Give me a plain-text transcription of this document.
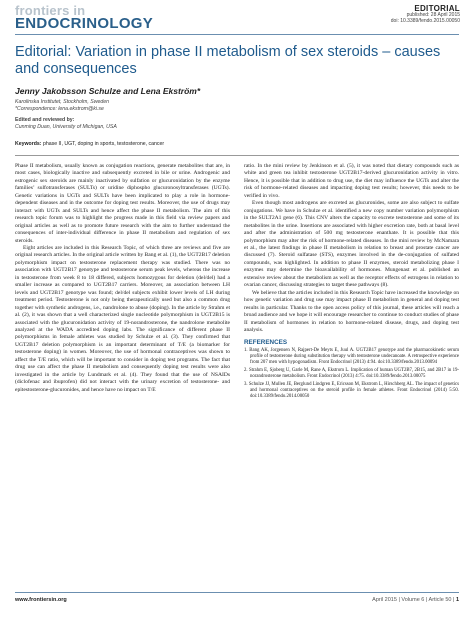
frontiers in
ENDOCRINOLOGY
EDITORIAL
published: 28 April 2015
doi: 10.3389/fendo.2015.00050
Editorial: Variation in phase II metabolism of sex steroids – causes and consequences
Jenny Jakobsson Schulze and Lena Ekström*
Karolinska Institutet, Stockholm, Sweden
*Correspondence: lena.ekstrom@ki.se
Edited and reviewed by:
Cunming Duan, University of Michigan, USA
Keywords: phase II, UGT, doping in sports, testosterone, cancer

Phase II metabolism, usually known as conjugation reactions, generate metabolites that are, in most cases, biologically inactive and subsequently excreted in bile or urine. Androgenic and estrogenic sex steroids are mainly inactivated by sulfation or glucuronidation by the enzyme families’ sulfotransferases (SULTs) or uridine diphospho glucuronosyltransferases (UGTs). Genetic variations in UGTs and SULTs have been implicated to play a role in hormone-dependent diseases and in the outcome for doping test results. Moreover, the use of drugs may interact with UGTs and SULTs and hence affect the phase II metabolism. The aim of this research topic forum was to highlight the progress made in this field via review papers and original articles as well as to promote future research with the aim to further understand the consequences of inter-individual difference in phase II metabolism and regulation of sex steroids.

Eight articles are included in this Research Topic, of which three are reviews and five are original research articles. In the original article written by Bang et al. (1), the UGT2B17 deletion polymorphism impact on testosterone replacement therapy was studied. There was no association with UGT2B17 genotype and testosterone serum peak levels, whereas the increase in testosterone from week 8 to 18 differed, subjects homozygous for deletion (del/del) had a smaller increase as compared to UGT2B17 carriers. Moreover, an association between LH levels and UGT2B17 genotype was found; del/del subjects exhibit lower levels of LH during treatment period. Testosterone is not only being therapeutically used but also a common drug together with synthetic androgens, i.e., nandrolone to abuse (doping). In the article by Strahm et al. (2), it was shown that a well characterized single nucleotide polymorphism in UGT2B15 is associated with the glucuronidation activity of 19-norandrosterone, the nandrolone metabolite analyzed at the WADA accredited doping labs. The significance of different phase II polymorphisms in female athletes was studied by Schulze et al. (3). They confirmed that UGT2B17 deletion polymorphism is an important determinant of T/E (a biomarker for testosterone doping) in women. Moreover, the use of hormonal contraceptives was shown to affect the T/E ratio, which will be important to consider in doping test programs. The fact that drug use can affect the phase II metabolism and consequently doping test results were also investigated in the article by Lundmark et al. (4). They found that the use of NSAIDs (diclofenac and ibuprofen) did not interact with the urinary excretion of testosterone- and epitestosterone-glucuronides, and hence have no impact on T/E

ratio. In the mini review by Jenkinson et al. (5), it was noted that dietary compounds such as white and green tea inhibit testosterone UGT2B17-derived glucuronidation activity in vitro. Hence, it is possible that in addition to drug use, the diet may influence the UGTs and alter the risk of hormone-related diseases and impacting doping test results; however, this needs to be verified in vivo.

Even though most androgens are excreted as glucuronides, some are also subject to sulfate conjugations. We have in Schulze et al. identified a new copy number variation polymorphism in the SULT2A1 gene (6). This CNV alters the capacity to excrete testosterone and some of its metabolites in the urine. Insertions are associated with higher excretion rate, both at basal level and after the administration of 500 mg testosterone enanthate. It is possible that this polymorphism may alter the risk of hormone-related diseases. In the mini review by McNamara et al., the latest findings in phase II metabolism in relation to breast and prostate cancer are discussed (7). Steroid sulfatase (STS), enzymes involved in the de-conjugation of sulfated compounds, was highlighted. In addition to phase II enzymes, steroid metabolizing phase I enzymes may determine the bioavailability of hormones. Mungenast et al. published an extensive review about the metabolism as well as the receptor effects of estrogens in relation to ovarian cancer, discussing strategies to target these pathways (8).

We believe that the articles included in this Research Topic have increased the knowledge on how genetic variation and drug use may impact phase II metabolism in general and doping test results in particular. Thanks to the open access policy of this journal, these articles will reach a broad audience and we hope it will encourage researcher to continue to conduct studies of phase II metabolism of hormones in relation to hormone-related disease, drugs, and doping test analysis.

REFERENCES
1. Bang AK, Jorgensen N, Rajpert-De Meyts E, Juul A. UGT2B17 genotype and the pharmacokinetic serum profile of testosterone during substitution therapy with testosterone undecanoate. A retrospective experience from 207 men with hypogonadism. Front Endocrinol (2013) 4:94. doi:10.3389/fendo.2013.00094
2. Strahm E, Sjoberg U, Garle M, Rane A, Ekstrom L. Implication of human UGT2B7, 2B15, and 2B17 in 19-norandrosterone metabolism. Front Endocrinol (2013) 4:75. doi:10.3389/fendo.2013.00075
3. Schulze JJ, Mullen JE, Berglund Lindgren E, Ericsson M, Ekstrom L, Hirschberg AL. The impact of genetics and hormonal contraceptives on the steroid profile in female athletes. Front Endocrinol (2014) 5:50. doi:10.3389/fendo.2014.00050
www.frontiersin.org	April 2015 | Volume 6 | Article 50 | 1
